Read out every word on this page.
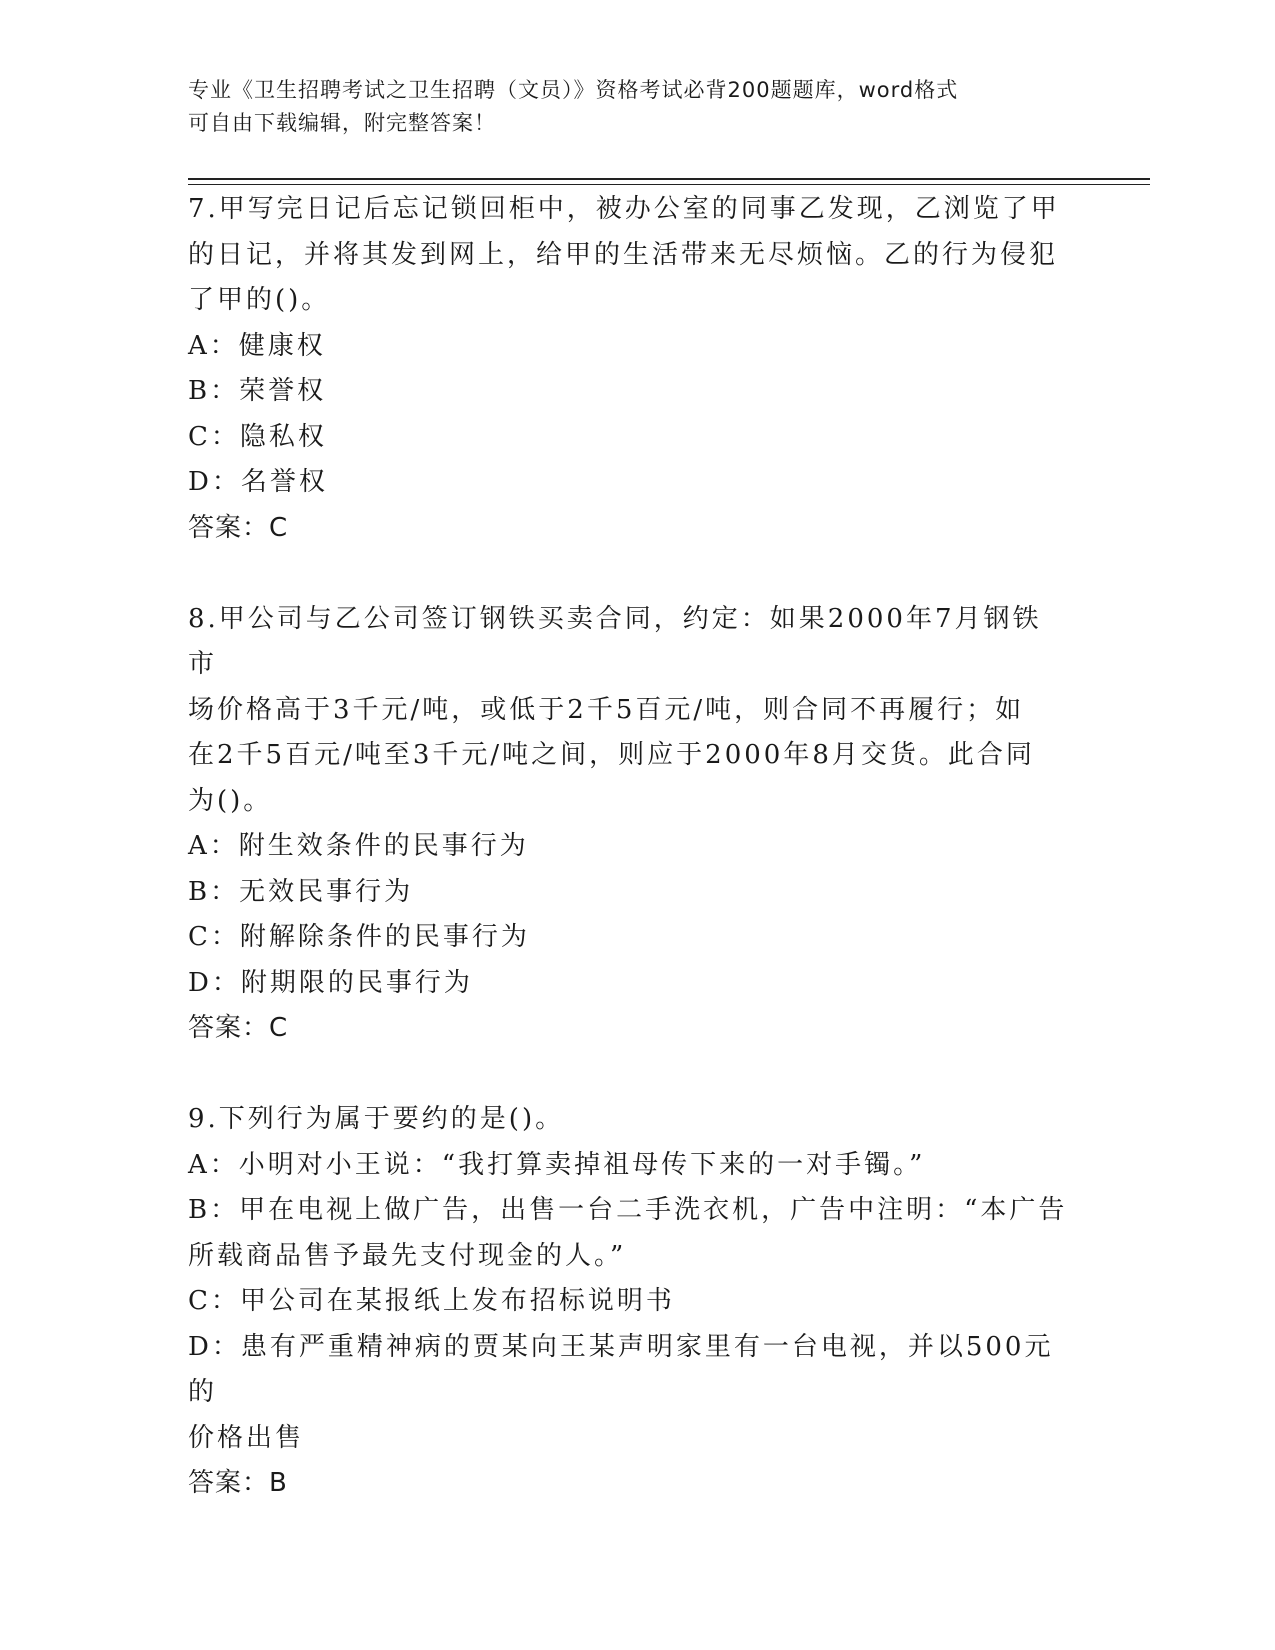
专业《卫生招聘考试之卫生招聘（文员）》资格考试必背200题题库，word格式
可自由下载编辑，附完整答案！

7.甲写完日记后忘记锁回柜中，被办公室的同事乙发现，乙浏览了甲

的日记，并将其发到网上，给甲的生活带来无尽烦恼。乙的行为侵犯

了甲的()。

A：健康权

B：荣誉权

C：隐私权

D：名誉权

答案：C

8.甲公司与乙公司签订钢铁买卖合同，约定：如果2000年7月钢铁市

场价格高于3千元/吨，或低于2千5百元/吨，则合同不再履行；如

在2千5百元/吨至3千元/吨之间，则应于2000年8月交货。此合同

为()。

A：附生效条件的民事行为

B：无效民事行为

C：附解除条件的民事行为

D：附期限的民事行为

答案：C

9.下列行为属于要约的是()。

A：小明对小王说：“我打算卖掉祖母传下来的一对手镯。”

B：甲在电视上做广告，出售一台二手洗衣机，广告中注明：“本广告

所载商品售予最先支付现金的人。”

C：甲公司在某报纸上发布招标说明书

D：患有严重精神病的贾某向王某声明家里有一台电视，并以500元的

价格出售

答案：B
